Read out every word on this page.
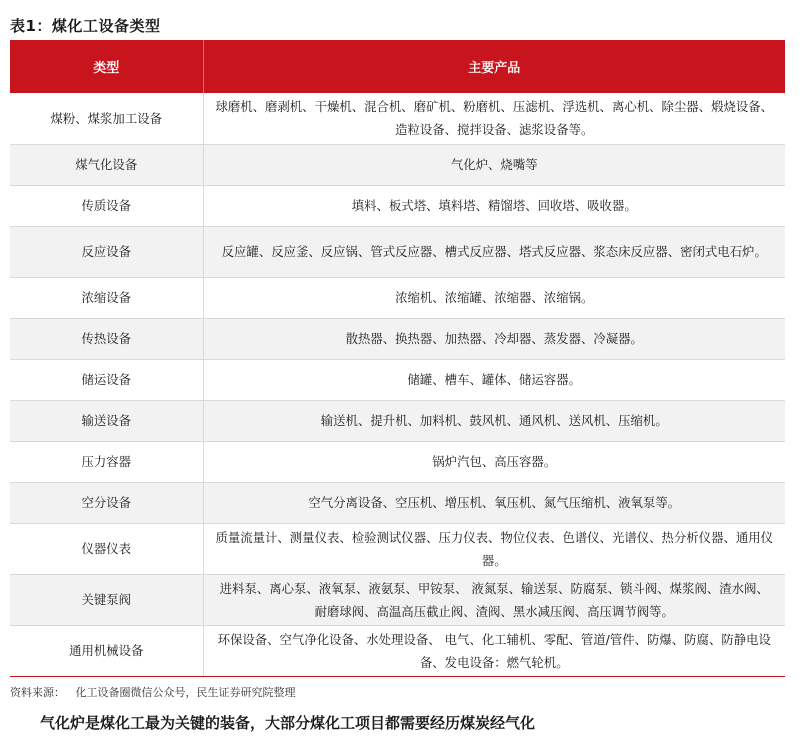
表1：煤化工设备类型
类型	主要产品
煤粉、煤浆加工设备	球磨机、磨剥机、干燥机、混合机、磨矿机、粉磨机、压滤机、浮选机、离心机、除尘器、煅烧设备、造粒设备、搅拌设备、滤浆设备等。
煤气化设备	气化炉、烧嘴等
传质设备	填料、板式塔、填料塔、精馏塔、回收塔、吸收器。
反应设备	反应罐、反应釜、反应锅、管式反应器、槽式反应器、塔式反应器、浆态床反应器、密闭式电石炉。
浓缩设备	浓缩机、浓缩罐、浓缩器、浓缩锅。
传热设备	散热器、换热器、加热器、冷却器、蒸发器、冷凝器。
储运设备	储罐、槽车、罐体、储运容器。
输送设备	输送机、提升机、加料机、鼓风机、通风机、送风机、压缩机。
压力容器	锅炉汽包、高压容器。
空分设备	空气分离设备、空压机、增压机、氧压机、氮气压缩机、液氧泵等。
仪器仪表	质量流量计、测量仪表、检验测试仪器、压力仪表、物位仪表、色谱仪、光谱仪、热分析仪器、通用仪器。
关键泵阀	进料泵、离心泵、液氧泵、液氨泵、甲铵泵、 液氮泵、输送泵、防腐泵、锁斗阀、煤浆阀、渣水阀、耐磨球阀、高温高压截止阀、渣阀、黑水减压阀、高压调节阀等。
通用机械设备	环保设备、空气净化设备、水处理设备、 电气、化工辅机、零配、管道/管件、防爆、防腐、防静电设备、发电设备：燃气轮机。
资料来源：   化工设备圈微信公众号，民生证券研究院整理
气化炉是煤化工最为关键的装备，大部分煤化工项目都需要经历煤炭经气化
